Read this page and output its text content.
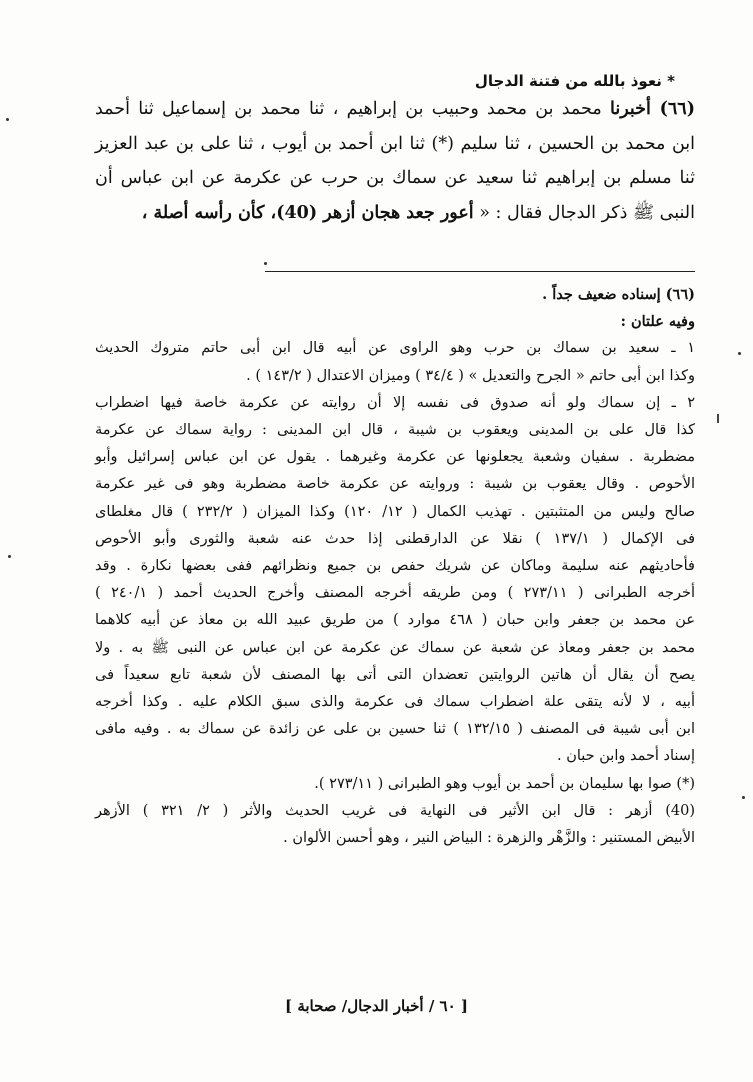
* نعوذ بالله من فتنة الدجال

(٦٦) أخبرنا محمد بن محمد وحبيب بن إبراهيم ، ثنا محمد بن إسماعيل ثنا أحمد

ابن محمد بن الحسين ، ثنا سليم (*) ثنا ابن أحمد بن أيوب ، ثنا على بن عبد العزيز

ثنا مسلم بن إبراهيم ثنا سعيد عن سماك بن حرب عن عكرمة عن ابن عباس أن

النبى ﷺ ذكر الدجال فقال : « أعور جعد هجان أزهر (40)، كأن رأسه أصلة ،

(٦٦) إسناده ضعيف جداً .

وفيه علتان :

١ ـ سعيد بن سماك بن حرب وهو الراوى عن أبيه قال ابن أبى حاتم متروك الحديث

وكذا ابن أبى حاتم « الجرح والتعديل » ( ٣٤/٤ ) وميزان الاعتدال ( ١٤٣/٢ ) .

٢ ـ إن سماك ولو أنه صدوق فى نفسه إلا أن روايته عن عكرمة خاصة فيها اضطراب

كذا قال على بن المدينى ويعقوب بن شيبة ، قال ابن المدينى : رواية سماك عن عكرمة

مضطربة . سفيان وشعبة يجعلونها عن عكرمة وغيرهما . يقول عن ابن عباس إسرائيل وأبو

الأحوص . وقال يعقوب بن شيبة : وروايته عن عكرمة خاصة مضطربة وهو فى غير عكرمة

صالح وليس من المتثبتين . تهذيب الكمال ( ١٢/ ١٢٠) وكذا الميزان ( ٢٣٢/٢ ) قال مغلطاى

فى الإكمال ( ١٣٧/١ ) نقلا عن الدارقطنى إذا حدث عنه شعبة والثورى وأبو الأحوص

فأحاديثهم عنه سليمة وماكان عن شريك حفص بن جميع ونظرائهم ففى بعضها نكارة . وقد

أخرجه الطبرانى ( ٢٧٣/١١ ) ومن طريقه أخرجه المصنف وأخرج الحديث أحمد ( ٢٤٠/١ )

عن محمد بن جعفر وابن حبان ( ٤٦٨ موارد ) من طريق عبيد الله بن معاذ عن أبيه كلاهما

محمد بن جعفر ومعاذ عن شعبة عن سماك عن عكرمة عن ابن عباس عن النبى ﷺ به . ولا

يصح أن يقال أن هاتين الروايتين تعضدان التى أتى بها المصنف لأن شعبة تابع سعيداً فى

أبيه ، لا لأنه يتقى علة اضطراب سماك فى عكرمة والذى سبق الكلام عليه . وكذا أخرجه

ابن أبى شيبة فى المصنف ( ١٣٢/١٥ ) ثنا حسين بن على عن زائدة عن سماك به . وفيه مافى

إسناد أحمد وابن حبان .

(*) صوا بها سليمان بن أحمد بن أيوب وهو الطبرانى ( ٢٧٣/١١ ).

(40) أزهر : قال ابن الأثير فى النهاية فى غريب الحديث والأثر ( ٢/ ٣٢١ ) الأزهر

الأبيض المستنير : والزَّهْر والزهرة : البياض النير ، وهو أحسن الألوان .

[ ٦٠ / أخبار الدجال/ صحابة ]
